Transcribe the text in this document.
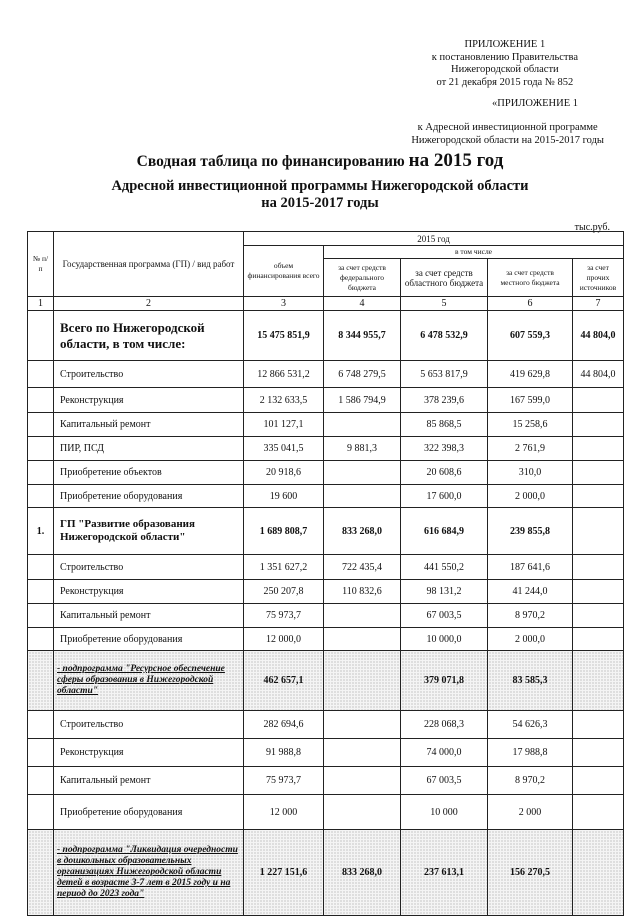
ПРИЛОЖЕНИЕ 1
к постановлению Правительства
Нижегородской области
от 21 декабря 2015 года № 852
«ПРИЛОЖЕНИЕ 1
к Адресной инвестиционной программе
Нижегородской области на 2015-2017 годы
Сводная таблица по финансированию на 2015 год
Адресной инвестиционной программы Нижегородской области
на 2015-2017 годы
тыс.руб.
№ п/п	Государственная программа (ГП) / вид работ	2015 год				
		объем финансирования всего	в том числе			
			за счет средств федерального бюджета	за счет средств областного бюджета	за счет средств местного бюджета	за счет прочих источников
1	2	3	4	5	6	7
	Всего по Нижегородской области, в том числе:	15 475 851,9	8 344 955,7	6 478 532,9	607 559,3	44 804,0
	Строительство	12 866 531,2	6 748 279,5	5 653 817,9	419 629,8	44 804,0
	Реконструкция	2 132 633,5	1 586 794,9	378 239,6	167 599,0	
	Капитальный ремонт	101 127,1		85 868,5	15 258,6	
	ПИР, ПСД	335 041,5	9 881,3	322 398,3	2 761,9	
	Приобретение объектов	20 918,6		20 608,6	310,0	
	Приобретение оборудования	19 600		17 600,0	2 000,0	
1.	ГП "Развитие образования Нижегородской области"	1 689 808,7	833 268,0	616 684,9	239 855,8	
	Строительство	1 351 627,2	722 435,4	441 550,2	187 641,6	
	Реконструкция	250 207,8	110 832,6	98 131,2	41 244,0	
	Капитальный ремонт	75 973,7		67 003,5	8 970,2	
	Приобретение оборудования	12 000,0		10 000,0	2 000,0	
	- подпрограмма "Ресурсное обеспечение сферы образования в Нижегородской области"	462 657,1		379 071,8	83 585,3	
	Строительство	282 694,6		228 068,3	54 626,3	
	Реконструкция	91 988,8		74 000,0	17 988,8	
	Капитальный ремонт	75 973,7		67 003,5	8 970,2	
	Приобретение оборудования	12 000		10 000	2 000	
	- подпрограмма "Ликвидация очередности в дошкольных образовательных организациях Нижегородской области детей в возрасте 3-7 лет в 2015 году и на период до 2023 года"	1 227 151,6	833 268,0	237 613,1	156 270,5	
